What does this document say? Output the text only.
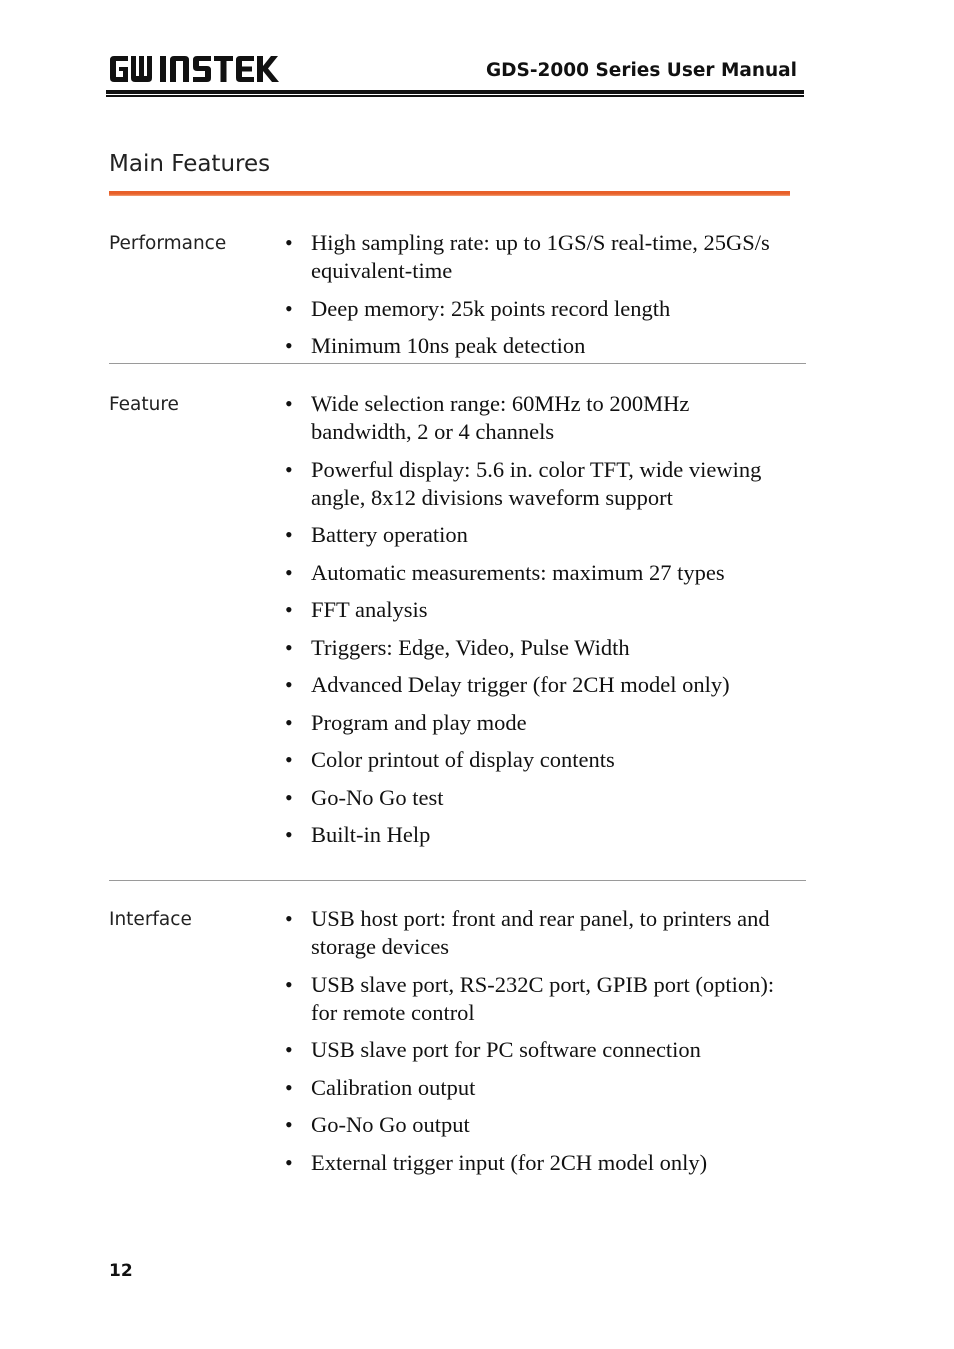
GDS-2000 Series User Manual
Main Features
Performance	• High sampling rate: up to 1GS/S real-time, 25GS/s equivalent-time
• Deep memory: 25k points record length
• Minimum 10ns peak detection
Feature	• Wide selection range: 60MHz to 200MHz bandwidth, 2 or 4 channels
• Powerful display: 5.6 in. color TFT, wide viewing angle, 8x12 divisions waveform support
• Battery operation
• Automatic measurements: maximum 27 types
• FFT analysis
• Triggers: Edge, Video, Pulse Width
• Advanced Delay trigger (for 2CH model only)
• Program and play mode
• Color printout of display contents
• Go-No Go test
• Built-in Help
Interface	• USB host port: front and rear panel, to printers and storage devices
• USB slave port, RS-232C port, GPIB port (option): for remote control
• USB slave port for PC software connection
• Calibration output
• Go-No Go output
• External trigger input (for 2CH model only)
12
